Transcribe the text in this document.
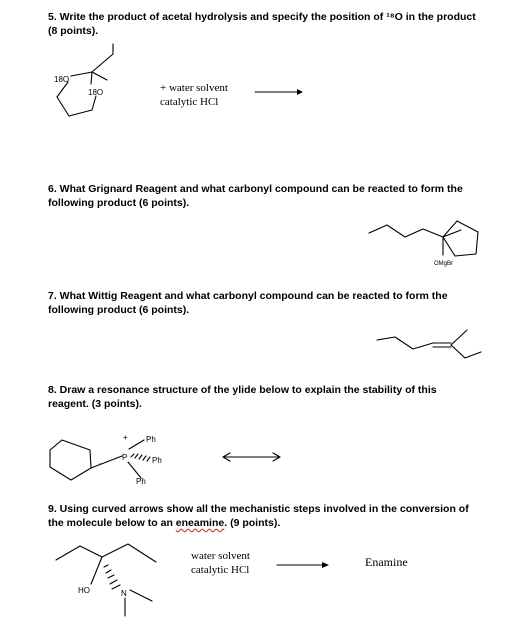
5. Write the product of acetal hydrolysis and specify the position of ¹⁸O in the product (8 points).
+ water solvent
catalytic HCl
6. What Grignard Reagent and what carbonyl compound can be reacted to form the following product (6 points).
7. What Wittig Reagent and what carbonyl compound can be reacted to form the following product (6 points).
8. Draw a resonance structure of the ylide below to explain the stability of this reagent. (3 points).
9. Using curved arrows show all the mechanistic steps involved in the conversion of the molecule below to an eneamine. (9 points).
water solvent
catalytic HCl
Enamine
18O
18O
OMgBr
+
-
P
Ph
Ph
Ph
HO	N
